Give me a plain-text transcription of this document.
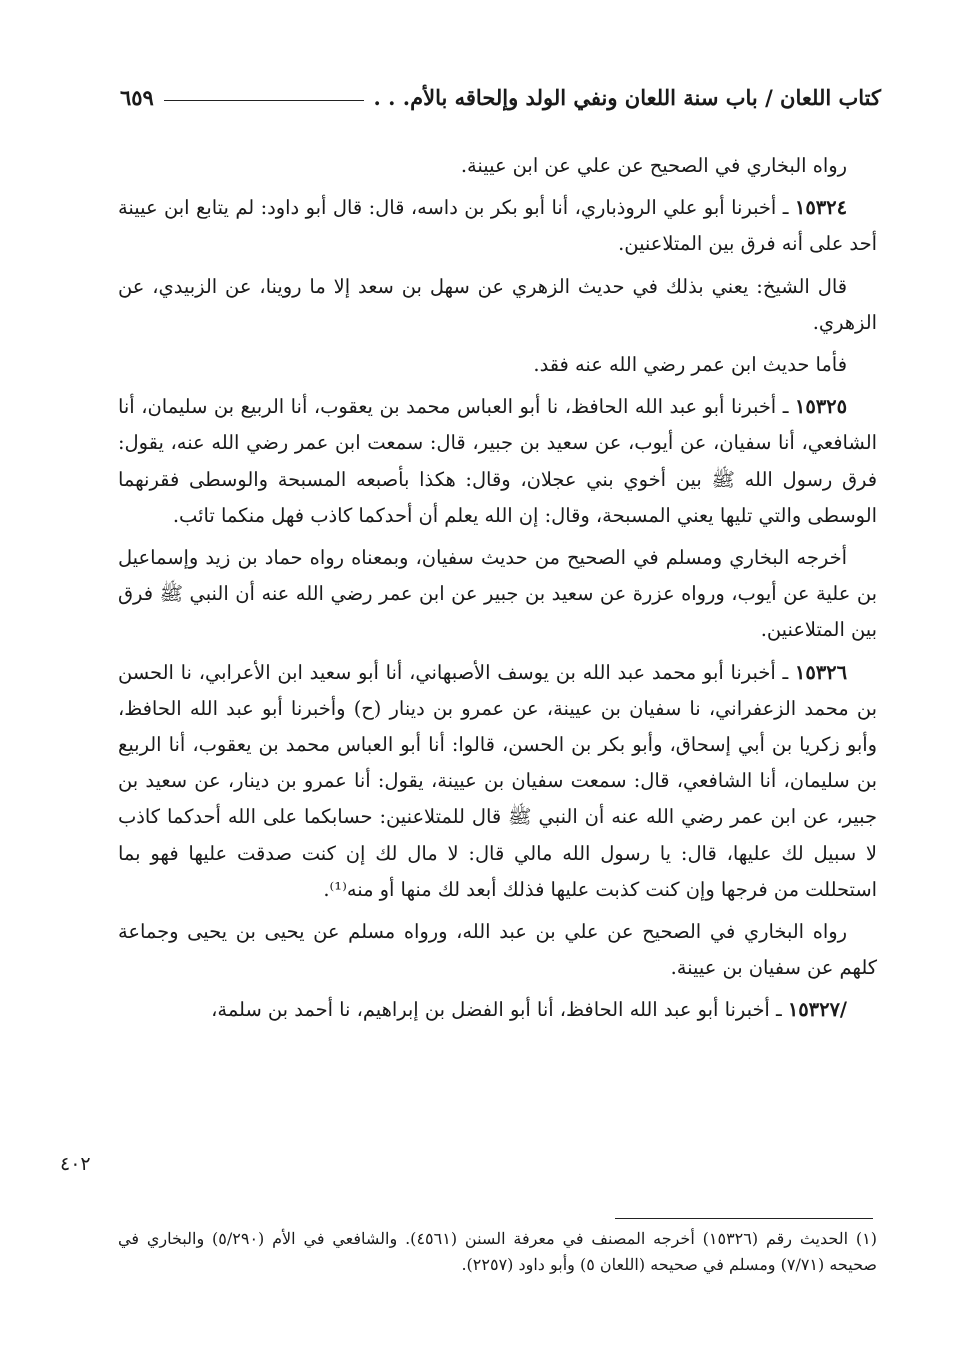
كتاب اللعان / باب سنة اللعان ونفي الولد وإلحاقه بالأم. . .
٦٥٩

رواه البخاري في الصحيح عن علي عن ابن عيينة.

١٥٣٢٤ ـ أخبرنا أبو علي الروذباري، أنا أبو بكر بن داسه، قال: قال أبو داود: لم يتابع ابن عيينة أحد على أنه فرق بين المتلاعنين.

قال الشيخ: يعني بذلك في حديث الزهري عن سهل بن سعد إلا ما روينا، عن الزبيدي، عن الزهري.

فأما حديث ابن عمر رضي الله عنه فقد.

١٥٣٢٥ ـ أخبرنا أبو عبد الله الحافظ، نا أبو العباس محمد بن يعقوب، أنا الربيع بن سليمان، أنا الشافعي، أنا سفيان، عن أيوب، عن سعيد بن جبير، قال: سمعت ابن عمر رضي الله عنه، يقول: فرق رسول الله ﷺ بين أخوي بني عجلان، وقال: هكذا بأصبعه المسبحة والوسطى فقرنهما الوسطى والتي تليها يعني المسبحة، وقال: إن الله يعلم أن أحدكما كاذب فهل منكما تائب.

أخرجه البخاري ومسلم في الصحيح من حديث سفيان، وبمعناه رواه حماد بن زيد وإسماعيل بن علية عن أيوب، ورواه عزرة عن سعيد بن جبير عن ابن عمر رضي الله عنه أن النبي ﷺ فرق بين المتلاعنين.

١٥٣٢٦ ـ أخبرنا أبو محمد عبد الله بن يوسف الأصبهاني، أنا أبو سعيد ابن الأعرابي، نا الحسن بن محمد الزعفراني، نا سفيان بن عيينة، عن عمرو بن دينار (ح) وأخبرنا أبو عبد الله الحافظ، وأبو زكريا بن أبي إسحاق، وأبو بكر بن الحسن، قالوا: أنا أبو العباس محمد بن يعقوب، أنا الربيع بن سليمان، أنا الشافعي، قال: سمعت سفيان بن عيينة، يقول: أنا عمرو بن دينار، عن سعيد بن جبير، عن ابن عمر رضي الله عنه أن النبي ﷺ قال للمتلاعنين: حسابكما على الله أحدكما كاذب لا سبيل لك عليها، قال: يا رسول الله مالي قال: لا مال لك إن كنت صدقت عليها فهو بما استحللت من فرجها وإن كنت كذبت عليها فذلك أبعد لك منها أو منه⁽¹⁾.

رواه البخاري في الصحيح عن علي بن عبد الله، ورواه مسلم عن يحيى بن يحيى وجماعة كلهم عن سفيان بن عيينة.

/١٥٣٢٧ ـ أخبرنا أبو عبد الله الحافظ، أنا أبو الفضل بن إبراهيم، نا أحمد بن سلمة،

٤٠٢

(١) الحديث رقم (١٥٣٢٦) أخرجه المصنف في معرفة السنن (٤٥٦١). والشافعي في الأم (٥/٢٩٠) والبخاري في صحيحه (٧/٧١) ومسلم في صحيحه (اللعان ٥) وأبو داود (٢٢٥٧).
